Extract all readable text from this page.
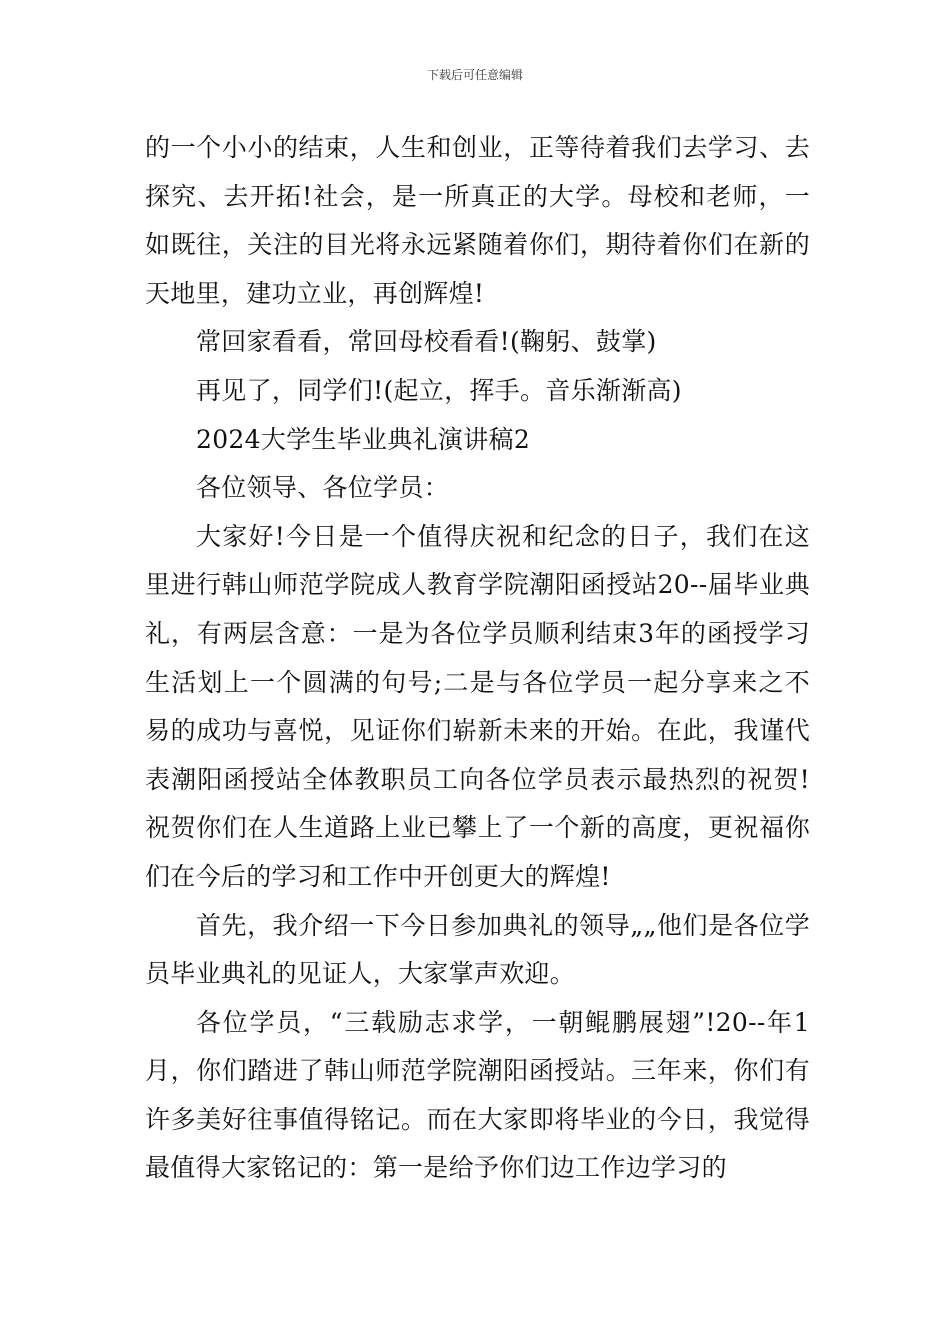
下载后可任意编辑

的一个小小的结束，人生和创业，正等待着我们去学习、去探究、去开拓!社会，是一所真正的大学。母校和老师，一如既往，关注的目光将永远紧随着你们，期待着你们在新的天地里，建功立业，再创辉煌!

常回家看看，常回母校看看!(鞠躬、鼓掌)

再见了，同学们!(起立，挥手。音乐渐渐高)

2024大学生毕业典礼演讲稿2

各位领导、各位学员：

大家好!今日是一个值得庆祝和纪念的日子，我们在这里进行韩山师范学院成人教育学院潮阳函授站20--届毕业典礼，有两层含意：一是为各位学员顺利结束3年的函授学习生活划上一个圆满的句号;二是与各位学员一起分享来之不易的成功与喜悦，见证你们崭新未来的开始。在此，我谨代表潮阳函授站全体教职员工向各位学员表示最热烈的祝贺!祝贺你们在人生道路上业已攀上了一个新的高度，更祝福你们在今后的学习和工作中开创更大的辉煌!

首先，我介绍一下今日参加典礼的领导„„他们是各位学员毕业典礼的见证人，大家掌声欢迎。

各位学员，“三载励志求学，一朝鲲鹏展翅”!20--年1月，你们踏进了韩山师范学院潮阳函授站。三年来，你们有许多美好往事值得铭记。而在大家即将毕业的今日，我觉得最值得大家铭记的：第一是给予你们边工作边学习的
